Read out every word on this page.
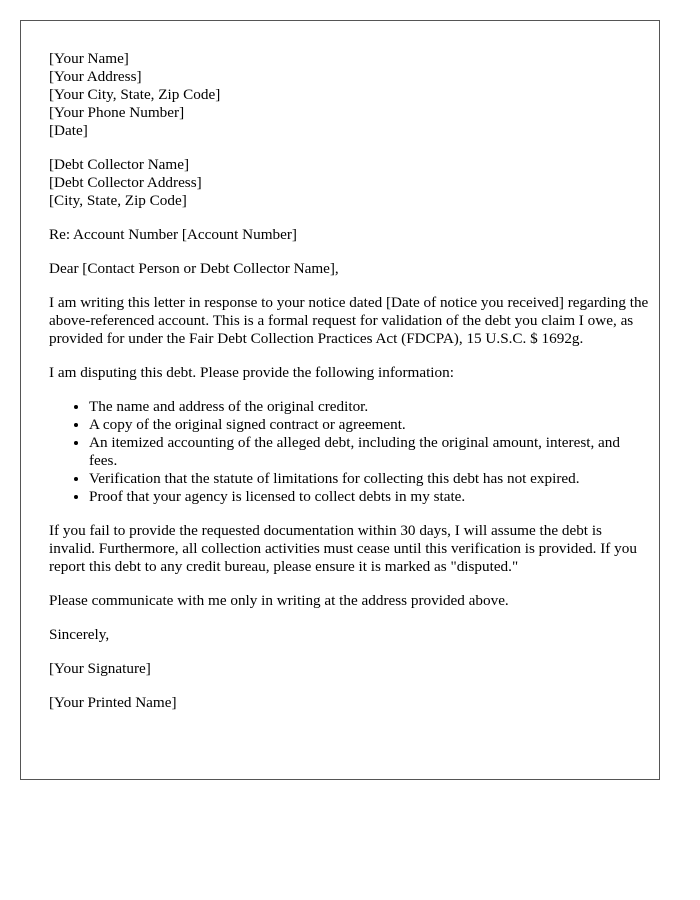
[Your Name]
[Your Address]
[Your City, State, Zip Code]
[Your Phone Number]
[Date]
[Debt Collector Name]
[Debt Collector Address]
[City, State, Zip Code]

Re: Account Number [Account Number]

Dear [Contact Person or Debt Collector Name],

I am writing this letter in response to your notice dated [Date of notice you received] regarding the above-referenced account. This is a formal request for validation of the debt you claim I owe, as provided for under the Fair Debt Collection Practices Act (FDCPA), 15 U.S.C. $ 1692g.

I am disputing this debt. Please provide the following information:

• The name and address of the original creditor.
• A copy of the original signed contract or agreement.
• An itemized accounting of the alleged debt, including the original amount, interest, and fees.
• Verification that the statute of limitations for collecting this debt has not expired.
• Proof that your agency is licensed to collect debts in my state.

If you fail to provide the requested documentation within 30 days, I will assume the debt is invalid. Furthermore, all collection activities must cease until this verification is provided. If you report this debt to any credit bureau, please ensure it is marked as "disputed."

Please communicate with me only in writing at the address provided above.

Sincerely,

[Your Signature]

[Your Printed Name]
